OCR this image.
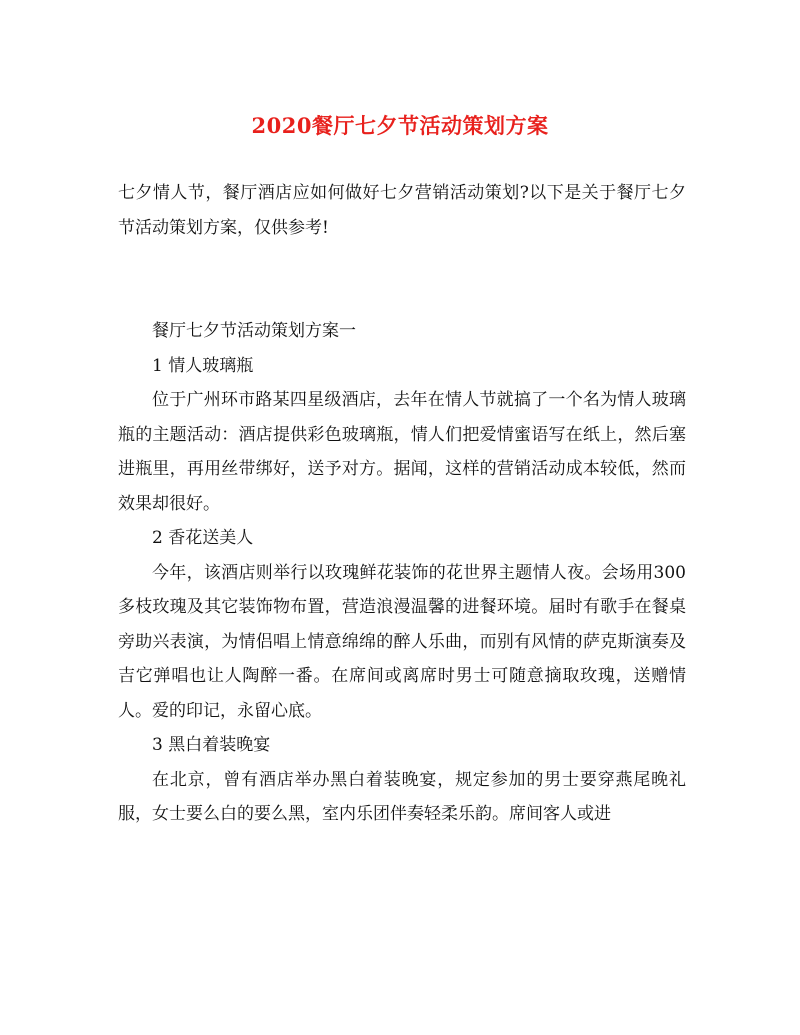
2020餐厅七夕节活动策划方案

七夕情人节，餐厅酒店应如何做好七夕营销活动策划?以下是关于餐厅七夕节活动策划方案，仅供参考!

餐厅七夕节活动策划方案一

1 情人玻璃瓶

位于广州环市路某四星级酒店，去年在情人节就搞了一个名为情人玻璃瓶的主题活动：酒店提供彩色玻璃瓶，情人们把爱情蜜语写在纸上，然后塞进瓶里，再用丝带绑好，送予对方。据闻，这样的营销活动成本较低，然而效果却很好。

2 香花送美人

今年，该酒店则举行以玫瑰鲜花装饰的花世界主题情人夜。会场用300多枝玫瑰及其它装饰物布置，营造浪漫温馨的进餐环境。届时有歌手在餐桌旁助兴表演，为情侣唱上情意绵绵的醉人乐曲，而别有风情的萨克斯演奏及吉它弹唱也让人陶醉一番。在席间或离席时男士可随意摘取玫瑰，送赠情人。爱的印记，永留心底。

3 黑白着装晚宴

在北京，曾有酒店举办黑白着装晚宴，规定参加的男士要穿燕尾晚礼服，女士要么白的要么黑，室内乐团伴奏轻柔乐韵。席间客人或进
